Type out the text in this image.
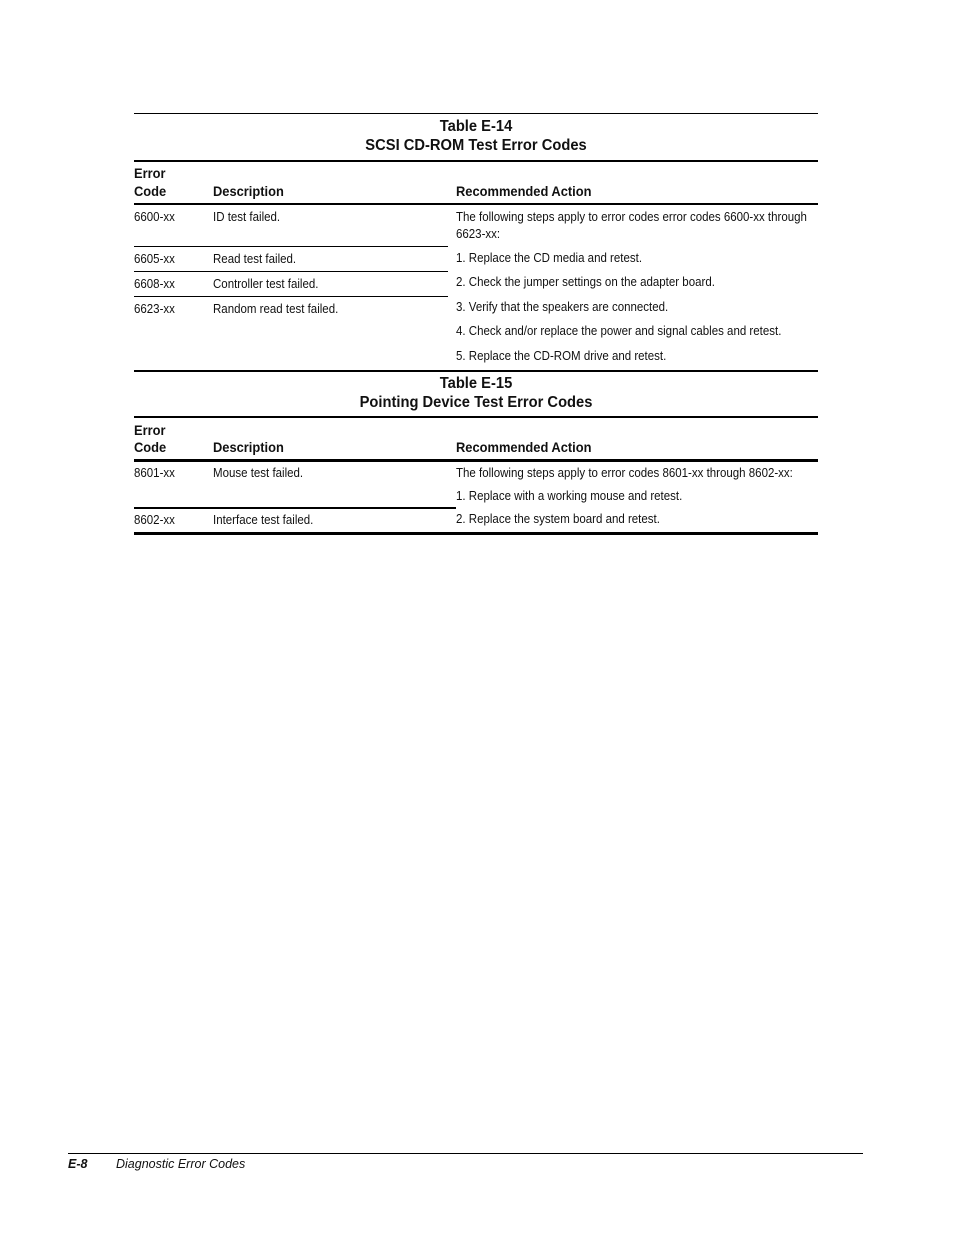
Table E-14
SCSI CD-ROM Test Error Codes
Error
Code	Description	Recommended Action
6600-xx	ID test failed.
6605-xx	Read test failed.
6608-xx	Controller test failed.
6623-xx	Random read test failed.
The following steps apply to error codes error codes 6600-xx through 6623-xx:
1. Replace the CD media and retest.
2. Check the jumper settings on the adapter board.
3. Verify that the speakers are connected.
4. Check and/or replace the power and signal cables and retest.
5. Replace the CD-ROM drive and retest.
Table E-15
Pointing Device Test Error Codes
Error
Code	Description	Recommended Action
8601-xx	Mouse test failed.
8602-xx	Interface test failed.
The following steps apply to error codes 8601-xx through 8602-xx:
1. Replace with a working mouse and retest.
2. Replace the system board and retest.
E-8 Diagnostic Error Codes
